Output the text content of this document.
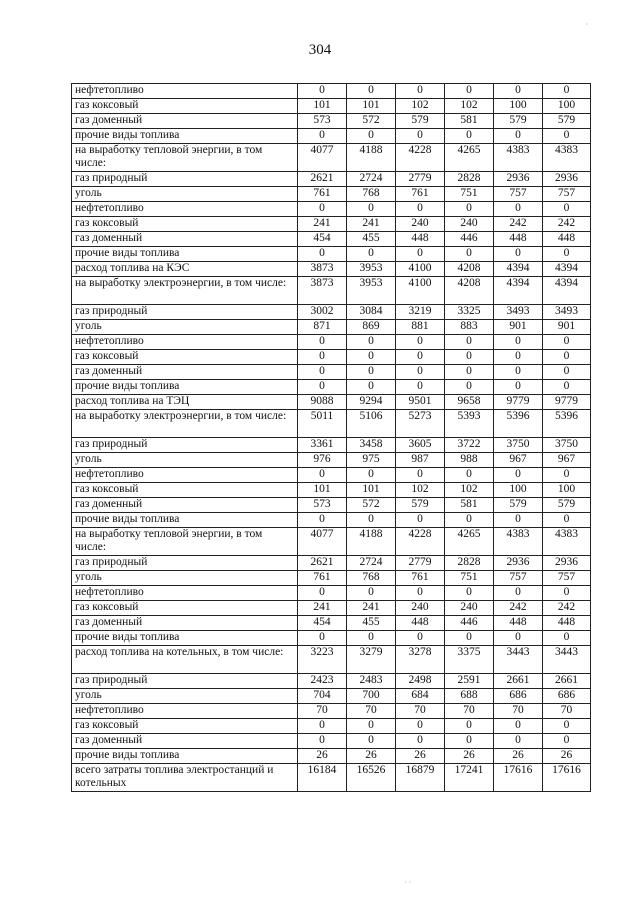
304
·
нефтетопливо	0	0	0	0	0	0
газ коксовый	101	101	102	102	100	100
газ доменный	573	572	579	581	579	579
прочие виды топлива	0	0	0	0	0	0
на выработку тепловой энергии, в том числе:	4077	4188	4228	4265	4383	4383
газ природный	2621	2724	2779	2828	2936	2936
уголь	761	768	761	751	757	757
нефтетопливо	0	0	0	0	0	0
газ коксовый	241	241	240	240	242	242
газ доменный	454	455	448	446	448	448
прочие виды топлива	0	0	0	0	0	0
расход топлива на КЭС	3873	3953	4100	4208	4394	4394
на выработку электроэнергии, в том числе:	3873	3953	4100	4208	4394	4394
газ природный	3002	3084	3219	3325	3493	3493
уголь	871	869	881	883	901	901
нефтетопливо	0	0	0	0	0	0
газ коксовый	0	0	0	0	0	0
газ доменный	0	0	0	0	0	0
прочие виды топлива	0	0	0	0	0	0
расход топлива на ТЭЦ	9088	9294	9501	9658	9779	9779
на выработку электроэнергии, в том числе:	5011	5106	5273	5393	5396	5396
газ природный	3361	3458	3605	3722	3750	3750
уголь	976	975	987	988	967	967
нефтетопливо	0	0	0	0	0	0
газ коксовый	101	101	102	102	100	100
газ доменный	573	572	579	581	579	579
прочие виды топлива	0	0	0	0	0	0
на выработку тепловой энергии, в том числе:	4077	4188	4228	4265	4383	4383
газ природный	2621	2724	2779	2828	2936	2936
уголь	761	768	761	751	757	757
нефтетопливо	0	0	0	0	0	0
газ коксовый	241	241	240	240	242	242
газ доменный	454	455	448	446	448	448
прочие виды топлива	0	0	0	0	0	0
расход топлива на котельных, в том числе:	3223	3279	3278	3375	3443	3443
газ природный	2423	2483	2498	2591	2661	2661
уголь	704	700	684	688	686	686
нефтетопливо	70	70	70	70	70	70
газ коксовый	0	0	0	0	0	0
газ доменный	0	0	0	0	0	0
прочие виды топлива	26	26	26	26	26	26
всего затраты топлива электростанций и котельных	16184	16526	16879	17241	17616	17616
· ·
